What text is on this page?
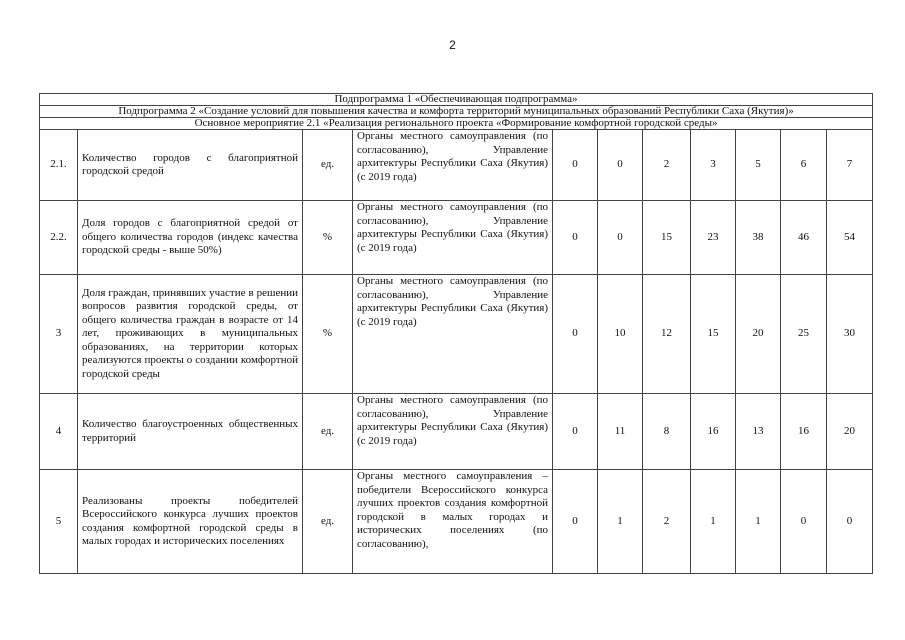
2
Подпрограмма 1 «Обеспечивающая подпрограмма»										
Подпрограмма 2 «Создание условий для повышения качества и комфорта территорий муниципальных образований Республики Саха (Якутия)»										
Основное мероприятие 2.1 «Реализация регионального проекта «Формирование комфортной городской среды»										
2.1.	Количество городов с благоприятной городской средой	ед.	Органы местного самоуправления (по согласованию), Управление архитектуры Республики Саха (Якутия) (с 2019 года)	0	0	2	3	5	6	7
2.2.	Доля городов с благоприятной средой от общего количества городов (индекс качества городской среды - выше 50%)	%	Органы местного самоуправления (по согласованию), Управление архитектуры Республики Саха (Якутия) (с 2019 года)	0	0	15	23	38	46	54
3	Доля граждан, принявших участие в решении вопросов развития городской среды, от общего количества граждан в возрасте от 14 лет, проживающих в муниципальных образованиях, на территории которых реализуются проекты о создании комфортной городской среды	%	Органы местного самоуправления (по согласованию), Управление архитектуры Республики Саха (Якутия) (с 2019 года)	0	10	12	15	20	25	30
4	Количество благоустроенных общественных территорий	ед.	Органы местного самоуправления (по согласованию), Управление архитектуры Республики Саха (Якутия) (с 2019 года)	0	11	8	16	13	16	20
5	Реализованы проекты победителей Всероссийского конкурса лучших проектов создания комфортной городской среды в малых городах и исторических поселениях	ед.	Органы местного самоуправления – победители Всероссийского конкурса лучших проектов создания комфортной городской в малых городах и исторических поселениях (по согласованию),	0	1	2	1	1	0	0
